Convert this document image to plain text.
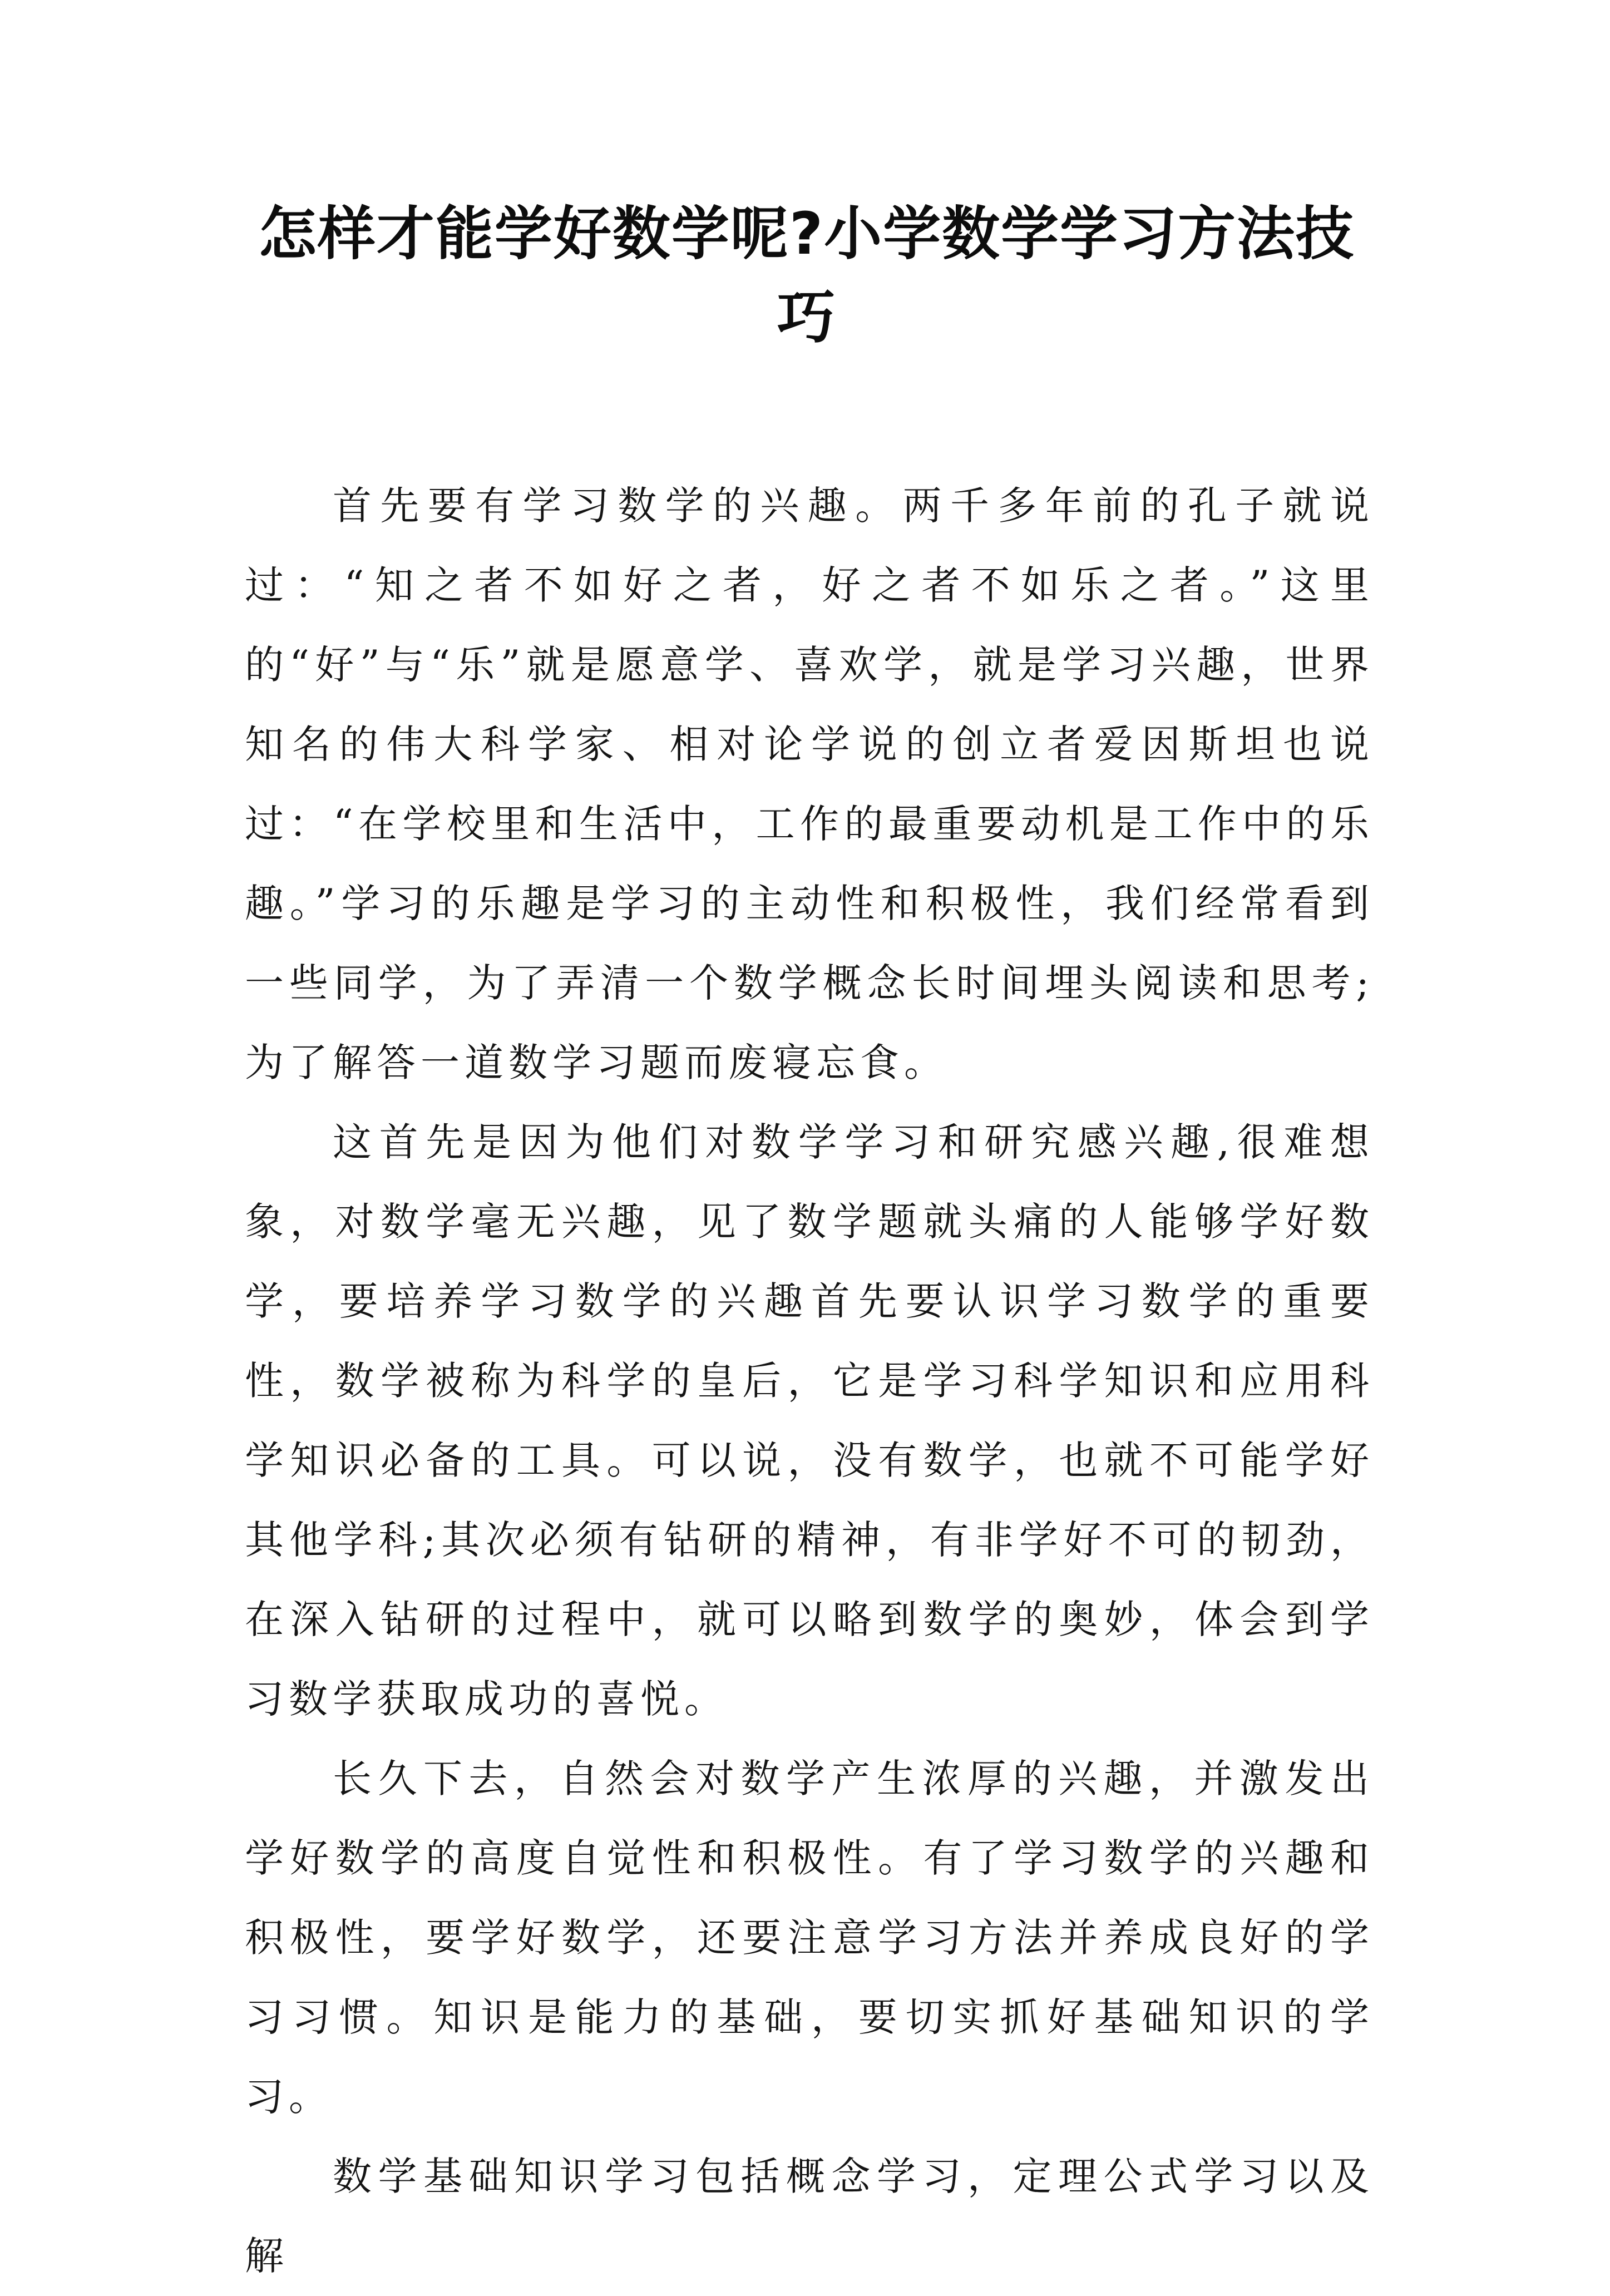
怎样才能学好数学呢?小学数学学习方法技巧

首先要有学习数学的兴趣。两千多年前的孔子就说过：“知之者不如好之者，好之者不如乐之者。”这里的“好”与“乐”就是愿意学、喜欢学，就是学习兴趣，世界知名的伟大科学家、相对论学说的创立者爱因斯坦也说过：“在学校里和生活中，工作的最重要动机是工作中的乐趣。”学习的乐趣是学习的主动性和积极性，我们经常看到一些同学，为了弄清一个数学概念长时间埋头阅读和思考;为了解答一道数学习题而废寝忘食。

这首先是因为他们对数学学习和研究感兴趣,很难想象，对数学毫无兴趣，见了数学题就头痛的人能够学好数学，要培养学习数学的兴趣首先要认识学习数学的重要性，数学被称为科学的皇后，它是学习科学知识和应用科学知识必备的工具。可以说，没有数学，也就不可能学好其他学科;其次必须有钻研的精神，有非学好不可的韧劲，在深入钻研的过程中，就可以略到数学的奥妙，体会到学习数学获取成功的喜悦。

长久下去，自然会对数学产生浓厚的兴趣，并激发出学好数学的高度自觉性和积极性。有了学习数学的兴趣和积极性，要学好数学，还要注意学习方法并养成良好的学习习惯。知识是能力的基础，要切实抓好基础知识的学习。

数学基础知识学习包括概念学习，定理公式学习以及解
